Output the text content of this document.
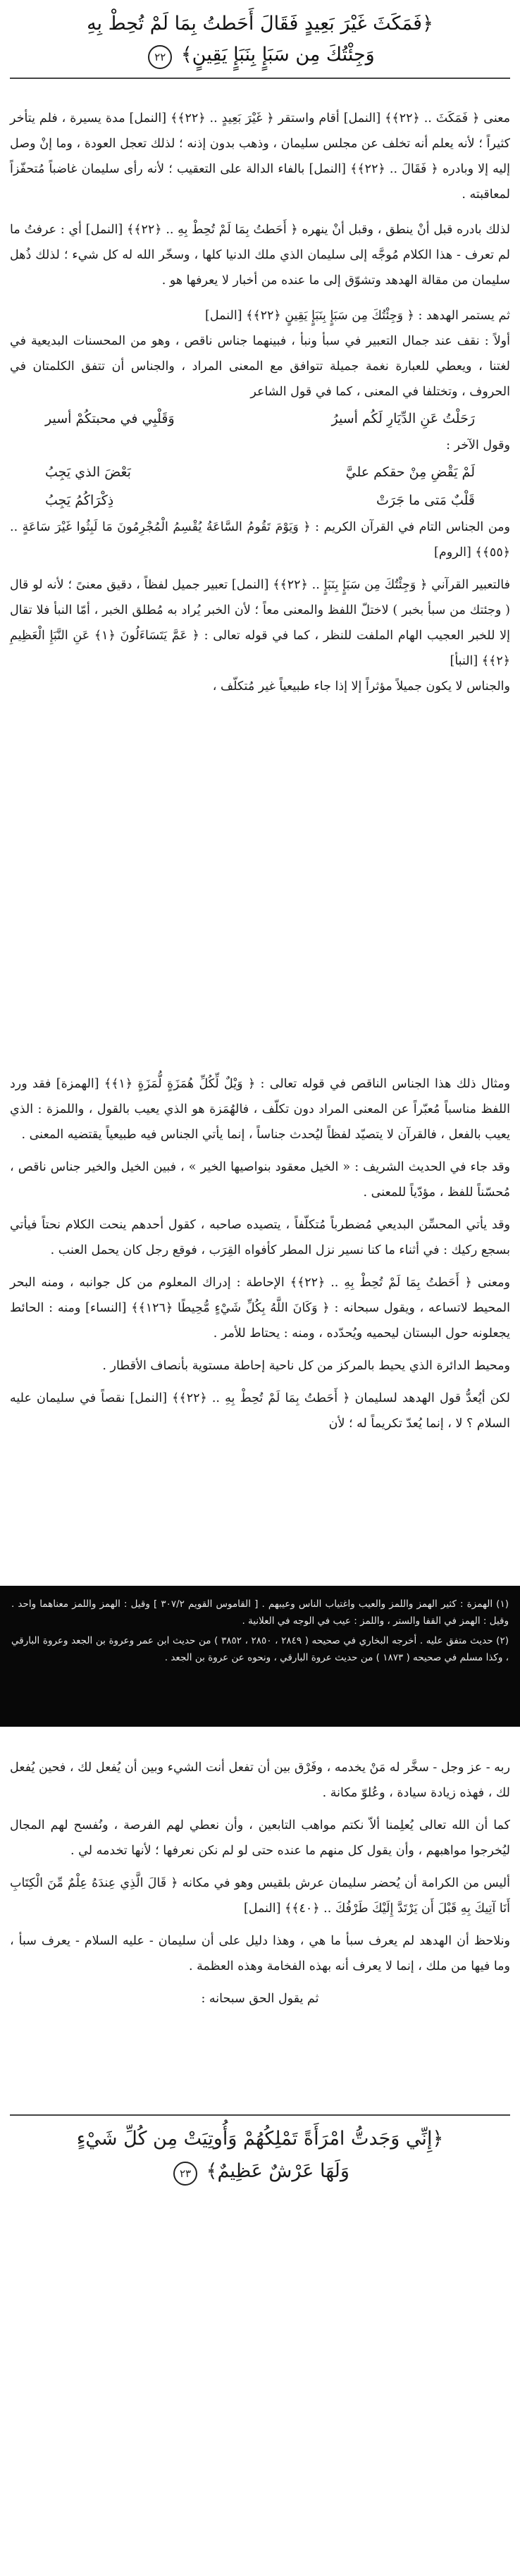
﴿فَمَكَثَ غَيْرَ بَعِيدٍ فَقَالَ أَحَطتُ بِمَا لَمْ تُحِطْ بِهِ
وَجِئْتُكَ مِن سَبَإٍ بِنَبَإٍ يَقِينٍ﴾ ٢٢

معنى ﴿ فَمَكَثَ .. ﴿٢٢﴾﴾ [النمل] أقام واستقر ﴿ غَيْرَ بَعِيدٍ .. ﴿٢٢﴾﴾ [النمل] مدة يسيرة ، فلم يتأخر كثيراً ؛ لأنه يعلم أنه تخلف عن مجلس سليمان ، وذهب بدون إذنه ؛ لذلك تعجل العودة ، وما إنْ وصل إليه إلا وبادره ﴿ فَقَالَ .. ﴿٢٢﴾﴾ [النمل] بالفاء الدالة على التعقيب ؛ لأنه رأى سليمان غاضباً مُتحفّزاً لمعاقبته .

لذلك بادره قبل أنْ ينطق ، وقبل أنْ ينهره ﴿ أَحَطتُ بِمَا لَمْ تُحِطْ بِهِ .. ﴿٢٢﴾﴾ [النمل] أي : عرفتُ ما لم تعرف - هذا الكلام مُوجَّه إلى سليمان الذي ملك الدنيا كلها ، وسخّر الله له كل شيء ؛ لذلك ذُهل سليمان من مقالة الهدهد وتشوّق إلى ما عنده من أخبار لا يعرفها هو .

ثم يستمر الهدهد : ﴿ وَجِئْتُكَ مِن سَبَإٍ بِنَبَإٍ يَقِينٍ ﴿٢٢﴾﴾ [النمل]

أولاً : نقف عند جمال التعبير في سبأ ونبأ ، فبينهما جناس ناقص ، وهو من المحسنات البديعية في لغتنا ، ويعطي للعبارة نغمة جميلة تتوافق مع المعنى المراد ، والجناس أن تتفق الكلمتان في الحروف ، وتختلفا في المعنى ، كما في قول الشاعر

رَحَلْتُ عَنِ الدِّيَارِ لَكُم أسيرُ
وَقَلْبِي في محبتكُمْ أسير

وقول الآخر :

لَمْ يَقْضِ مِنْ حقكم عليَّ
بَعْضَ الذي يَجِبُ
قَلْبٌ مَتى ما جَرَتْ
ذِكْرَاكُمُ يَجِبُ

ومن الجناس التام في القرآن الكريم : ﴿ وَيَوْمَ تَقُومُ السَّاعَةُ يُقْسِمُ الْمُجْرِمُونَ مَا لَبِثُوا غَيْرَ سَاعَةٍ .. ﴿٥٥﴾﴾ [الروم]

فالتعبير القرآني ﴿ وَجِئْتُكَ مِن سَبَإٍ بِنَبَإٍ .. ﴿٢٢﴾﴾ [النمل] تعبير جميل لفظاً ، دقيق معنىً ؛ لأنه لو قال ( وجئتك من سبأ بخبر ) لاختلّ اللفظ والمعنى معاً ؛ لأن الخبر يُراد به مُطلق الخبر ، أمّا النبأ فلا تقال إلا للخبر العجيب الهام الملفت للنظر ، كما في قوله تعالى : ﴿ عَمَّ يَتَسَاءَلُونَ ﴿١﴾ عَنِ النَّبَإِ الْعَظِيمِ ﴿٢﴾﴾ [النبأ]

والجناس لا يكون جميلاً مؤثراً إلا إذا جاء طبيعياً غير مُتكلّف ،

ومثال ذلك هذا الجناس الناقص في قوله تعالى : ﴿ وَيْلٌ لِّكُلِّ هُمَزَةٍ لُّمَزَةٍ ﴿١﴾﴾ [الهمزة] فقد ورد اللفظ مناسباً مُعبّراً عن المعنى المراد دون تكلّف ، فالهُمَزة هو الذي يعيب بالقول ، واللمزة : الذي يعيب بالفعل ، فالقرآن لا يتصيّد لفظاً ليُحدث جناساً ، إنما يأتي الجناس فيه طبيعياً يقتضيه المعنى .

وقد جاء في الحديث الشريف : « الخيل معقود بنواصيها الخير » ، فبين الخيل والخير جناس ناقص ، مُحسّناً للفظ ، مؤدّياً للمعنى .

وقد يأتي المحسِّن البديعي مُضطرباً مُتكلّفاً ، يتصيده صاحبه ، كقول أحدهم ينحت الكلام نحتاً فيأتي بسجع ركيك : في أثناء ما كنا نسير نزل المطر كأفواه القِرَب ، فوقع رجل كان يحمل العنب .

ومعنى ﴿ أَحَطتُ بِمَا لَمْ تُحِطْ بِهِ .. ﴿٢٢﴾﴾ الإحاطة : إدراك المعلوم من كل جوانبه ، ومنه البحر المحيط لاتساعه ، ويقول سبحانه : ﴿ وَكَانَ اللَّهُ بِكُلِّ شَيْءٍ مُّحِيطًا ﴿١٢٦﴾﴾ [النساء] ومنه : الحائط يجعلونه حول البستان ليحميه ويُحدّده ، ومنه : يحتاط للأمر .

ومحيط الدائرة الذي يحيط بالمركز من كل ناحية إحاطة مستوية بأنصاف الأقطار .

لكن أيُعدُّ قول الهدهد لسليمان ﴿ أَحَطتُ بِمَا لَمْ تُحِطْ بِهِ .. ﴿٢٢﴾﴾ [النمل] نقصاً في سليمان عليه السلام ؟ لا ، إنما يُعدّ تكريماً له ؛ لأن

(١) الهمزة : كثير الهمز واللمز والعيب واغتياب الناس وعيبهم . [ القاموس القويم ٣٠٧/٢ ] وقيل : الهمز واللمز معناهما واحد . وقيل : الهمز في القفا والستر ، واللمز : عيب في الوجه في العلانية .

(٢) حديث متفق عليه . أخرجه البخاري في صحيحه ( ٢٨٤٩ ، ٢٨٥٠ ، ٣٨٥٢ ) من حديث ابن عمر وعروة بن الجعد وعروة البارقي ، وكذا مسلم في صحيحه ( ١٨٧٣ ) من حديث عروة البارقي ، ونحوه عن عروة بن الجعد .

ربه - عز وجل - سخَّر له مَنْ يخدمه ، وفَرْق بين أن تفعل أنت الشيء وبين أن يُفعل لك ، فحين يُفعل لك ، فهذه زيادة سيادة ، وعُلوّ مكانة .

كما أن الله تعالى يُعلِمنا ألاّ نكتم مواهب التابعين ، وأن نعطي لهم الفرصة ، ونُفسح لهم المجال ليُخرجوا مواهبهم ، وأن يقول كل منهم ما عنده حتى لو لم نكن نعرفها ؛ لأنها تخدمه لي .

أليس من الكرامة أن يُحضر سليمان عرش بلقيس وهو في مكانه ﴿ قَالَ الَّذِي عِندَهُ عِلْمٌ مِّنَ الْكِتَابِ أَنَا آتِيكَ بِهِ قَبْلَ أَن يَرْتَدَّ إِلَيْكَ طَرْفُكَ .. ﴿٤٠﴾﴾ [النمل]

ونلاحظ أن الهدهد لم يعرف سبأ ما هي ، وهذا دليل على أن سليمان - عليه السلام - يعرف سبأ ، وما فيها من ملك ، إنما لا يعرف أنه بهذه الفخامة وهذه العظمة .

ثم يقول الحق سبحانه :

﴿إِنِّي وَجَدتُّ امْرَأَةً تَمْلِكُهُمْ وَأُوتِيَتْ مِن كُلِّ شَيْءٍ
وَلَهَا عَرْشٌ عَظِيمٌ﴾ ٢٣
